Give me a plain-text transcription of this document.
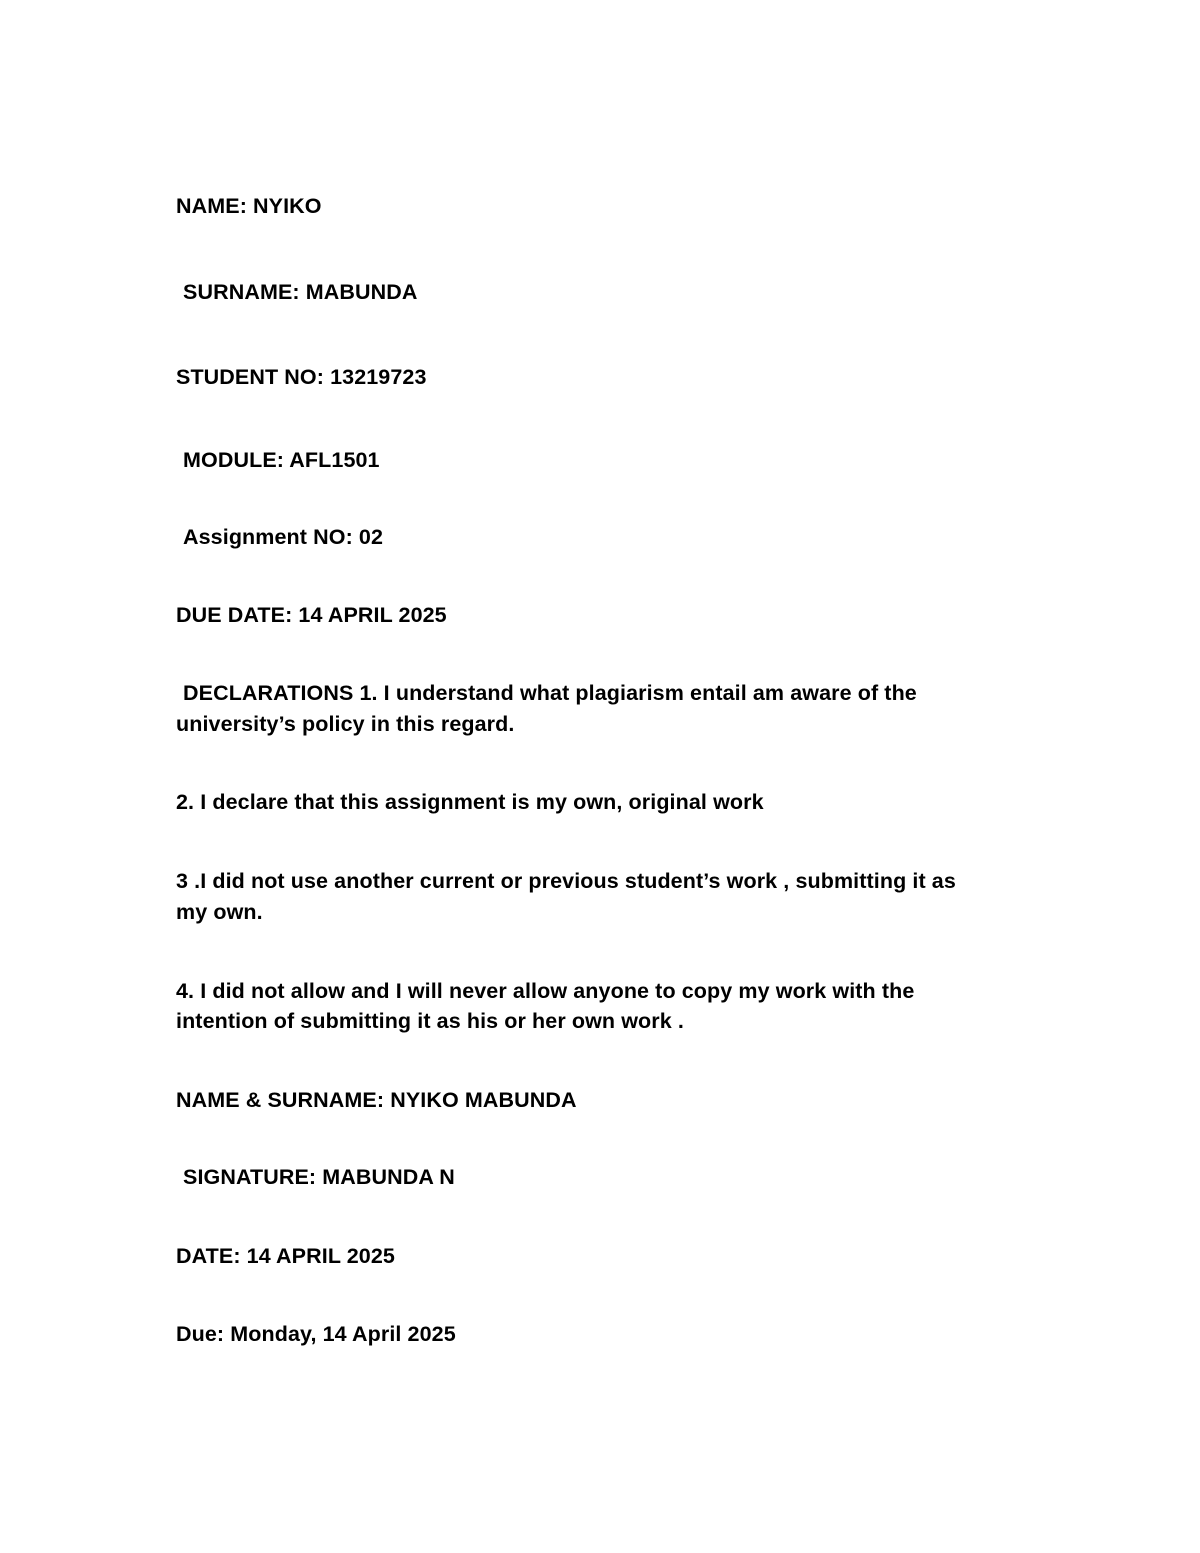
NAME: NYIKO
SURNAME: MABUNDA
STUDENT NO: 13219723
MODULE: AFL1501
Assignment NO: 02
DUE DATE: 14 APRIL 2025
DECLARATIONS 1. I understand what plagiarism entail am aware of the
university’s policy in this regard.
2. I declare that this assignment is my own, original work
3 .I did not use another current or previous student’s work , submitting it as
my own.
4. I did not allow and I will never allow anyone to copy my work with the
intention of submitting it as his or her own work .
NAME & SURNAME: NYIKO MABUNDA
SIGNATURE: MABUNDA N
DATE: 14 APRIL 2025
Due: Monday, 14 April 2025
